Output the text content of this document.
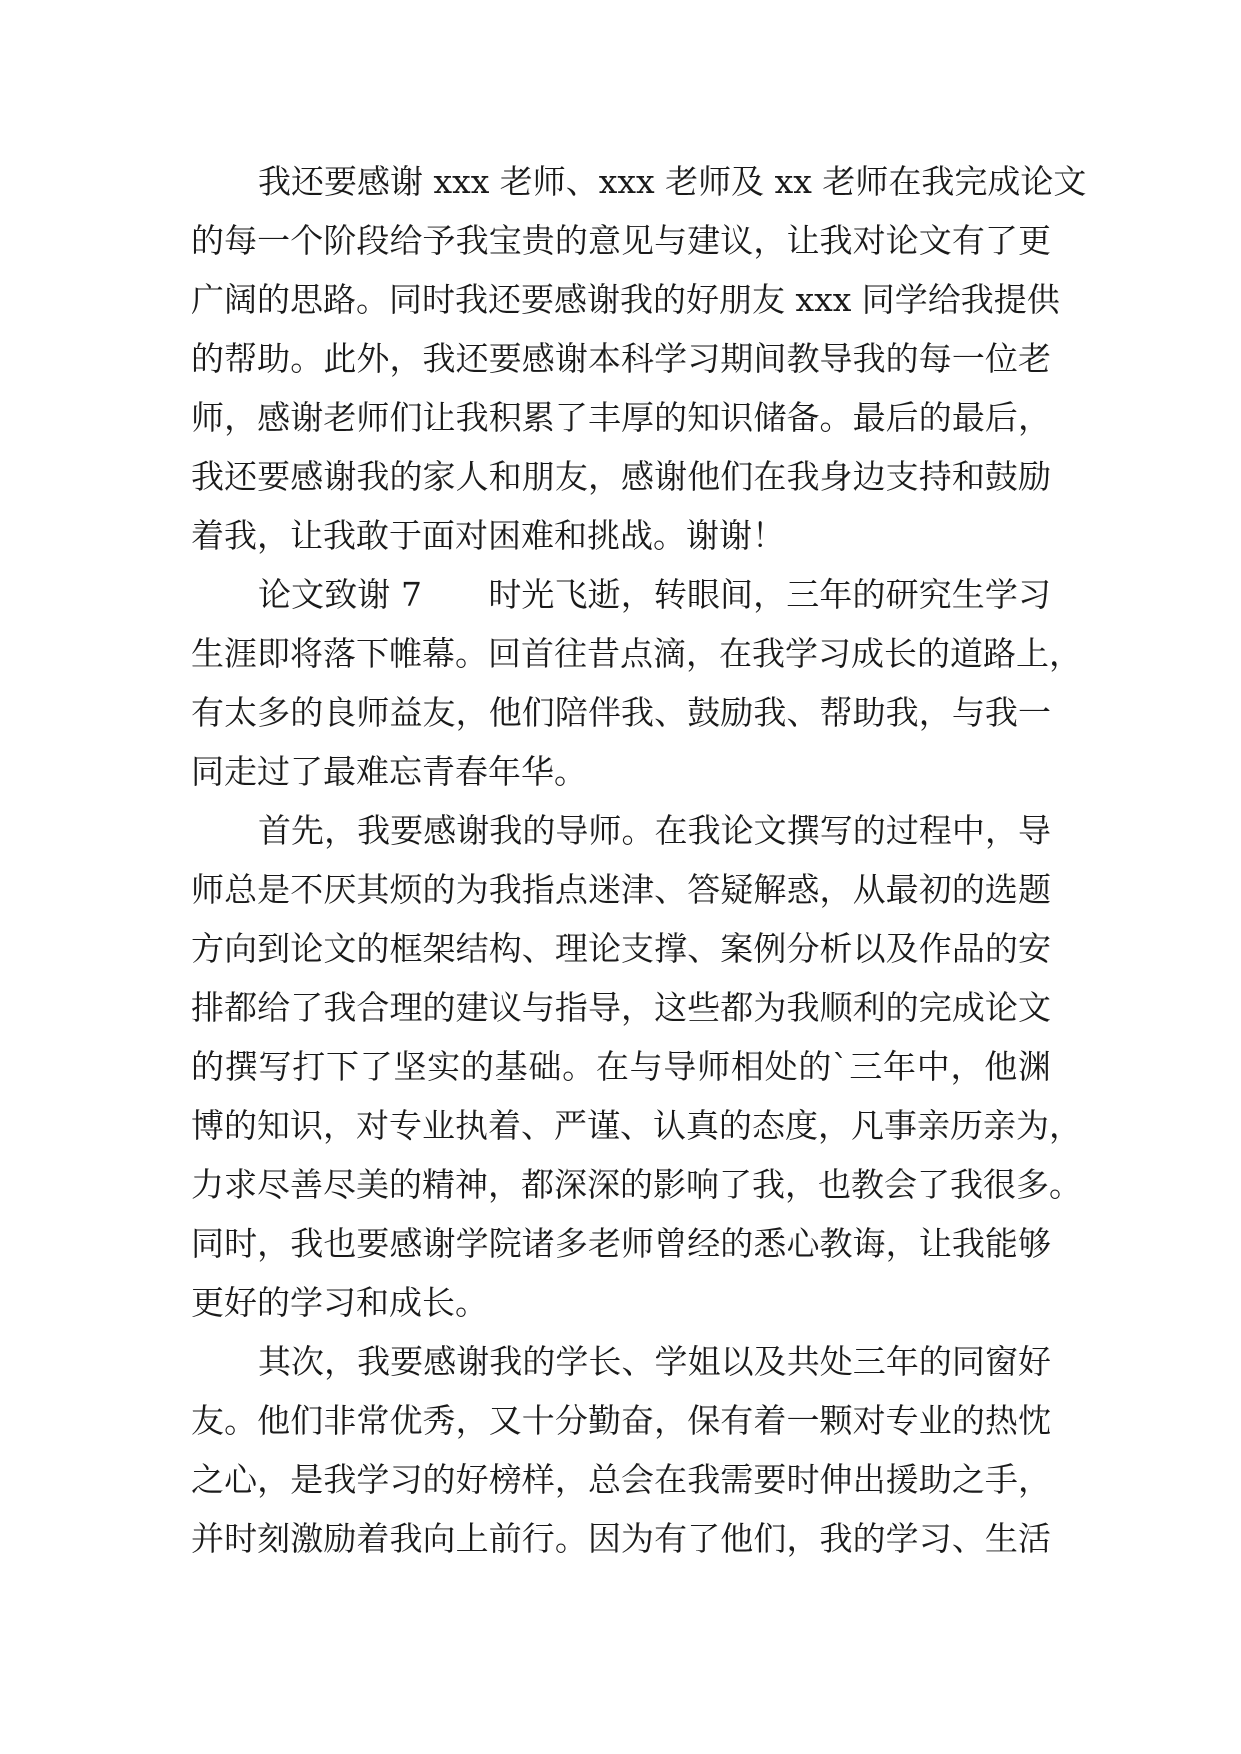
我还要感谢 xxx 老师、xxx 老师及 xx 老师在我完成论文
的每一个阶段给予我宝贵的意见与建议，让我对论文有了更
广阔的思路。同时我还要感谢我的好朋友 xxx 同学给我提供
的帮助。此外，我还要感谢本科学习期间教导我的每一位老
师，感谢老师们让我积累了丰厚的知识储备。最后的最后，
我还要感谢我的家人和朋友，感谢他们在我身边支持和鼓励
着我，让我敢于面对困难和挑战。谢谢！
论文致谢 7　　时光飞逝，转眼间，三年的研究生学习
生涯即将落下帷幕。回首往昔点滴，在我学习成长的道路上，
有太多的良师益友，他们陪伴我、鼓励我、帮助我，与我一
同走过了最难忘青春年华。
首先，我要感谢我的导师。在我论文撰写的过程中，导
师总是不厌其烦的为我指点迷津、答疑解惑，从最初的选题
方向到论文的框架结构、理论支撑、案例分析以及作品的安
排都给了我合理的建议与指导，这些都为我顺利的完成论文
的撰写打下了坚实的基础。在与导师相处的`三年中，他渊
博的知识，对专业执着、严谨、认真的态度，凡事亲历亲为，
力求尽善尽美的精神，都深深的影响了我，也教会了我很多。
同时，我也要感谢学院诸多老师曾经的悉心教诲，让我能够
更好的学习和成长。
其次，我要感谢我的学长、学姐以及共处三年的同窗好
友。他们非常优秀，又十分勤奋，保有着一颗对专业的热忱
之心，是我学习的好榜样，总会在我需要时伸出援助之手，
并时刻激励着我向上前行。因为有了他们，我的学习、生活
